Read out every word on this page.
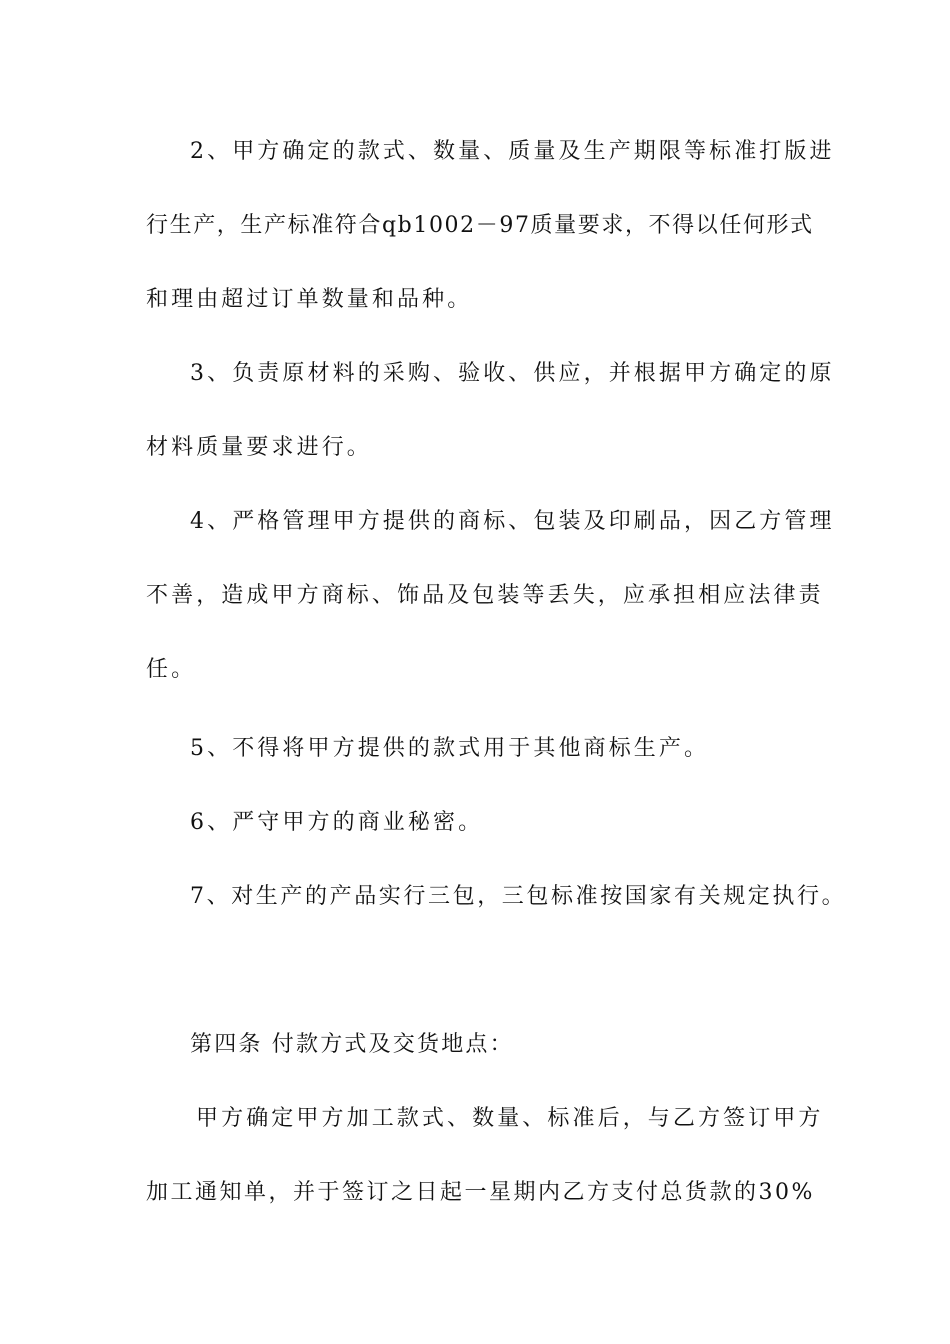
2、甲方确定的款式、数量、质量及生产期限等标准打版进
行生产，生产标准符合qb1002－97质量要求，不得以任何形式
和理由超过订单数量和品种。
3、负责原材料的采购、验收、供应，并根据甲方确定的原
材料质量要求进行。
4、严格管理甲方提供的商标、包装及印刷品，因乙方管理
不善，造成甲方商标、饰品及包装等丢失，应承担相应法律责
任。
5、不得将甲方提供的款式用于其他商标生产。
6、严守甲方的商业秘密。
7、对生产的产品实行三包，三包标准按国家有关规定执行。
第四条 付款方式及交货地点：
甲方确定甲方加工款式、数量、标准后，与乙方签订甲方
加工通知单，并于签订之日起一星期内乙方支付总货款的30%
